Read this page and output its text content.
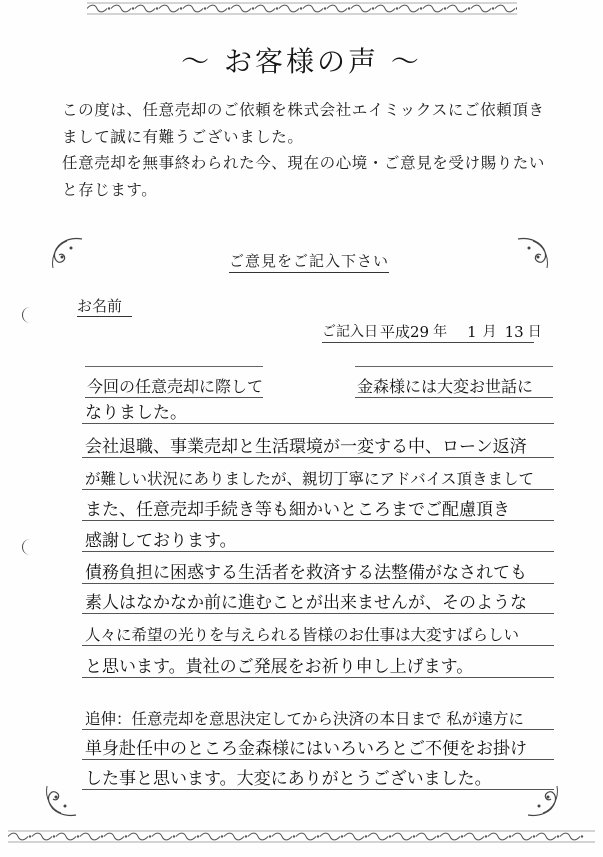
～ お客様の声 ～
この度は、任意売却のご依頼を株式会社エイミックスにご依頼頂き
まして誠に有難うございました。
任意売却を無事終わられた今、現在の心境・ご意見を受け賜りたい
と存じます。
ご意見をご記入下さい
お名前
ご記入日 平成29 年 1 月 13 日
今回の任意売却に際して	金森様には大変お世話に
なりました。
会社退職、事業売却と生活環境が一変する中、ローン返済
が難しい状況にありましたが、親切丁寧にアドバイス頂きまして
また、任意売却手続き等も細かいところまでご配慮頂き
感謝しております。
債務負担に困惑する生活者を救済する法整備がなされても
素人はなかなか前に進むことが出来ませんが、そのような
人々に希望の光りを与えられる皆様のお仕事は大変すばらしい
と思います。貴社のご発展をお祈り申し上げます。
追伸：任意売却を意思決定してから決済の本日まで 私が遠方に
単身赴任中のところ金森様にはいろいろとご不便をお掛け
した事と思います。大変にありがとうございました。
